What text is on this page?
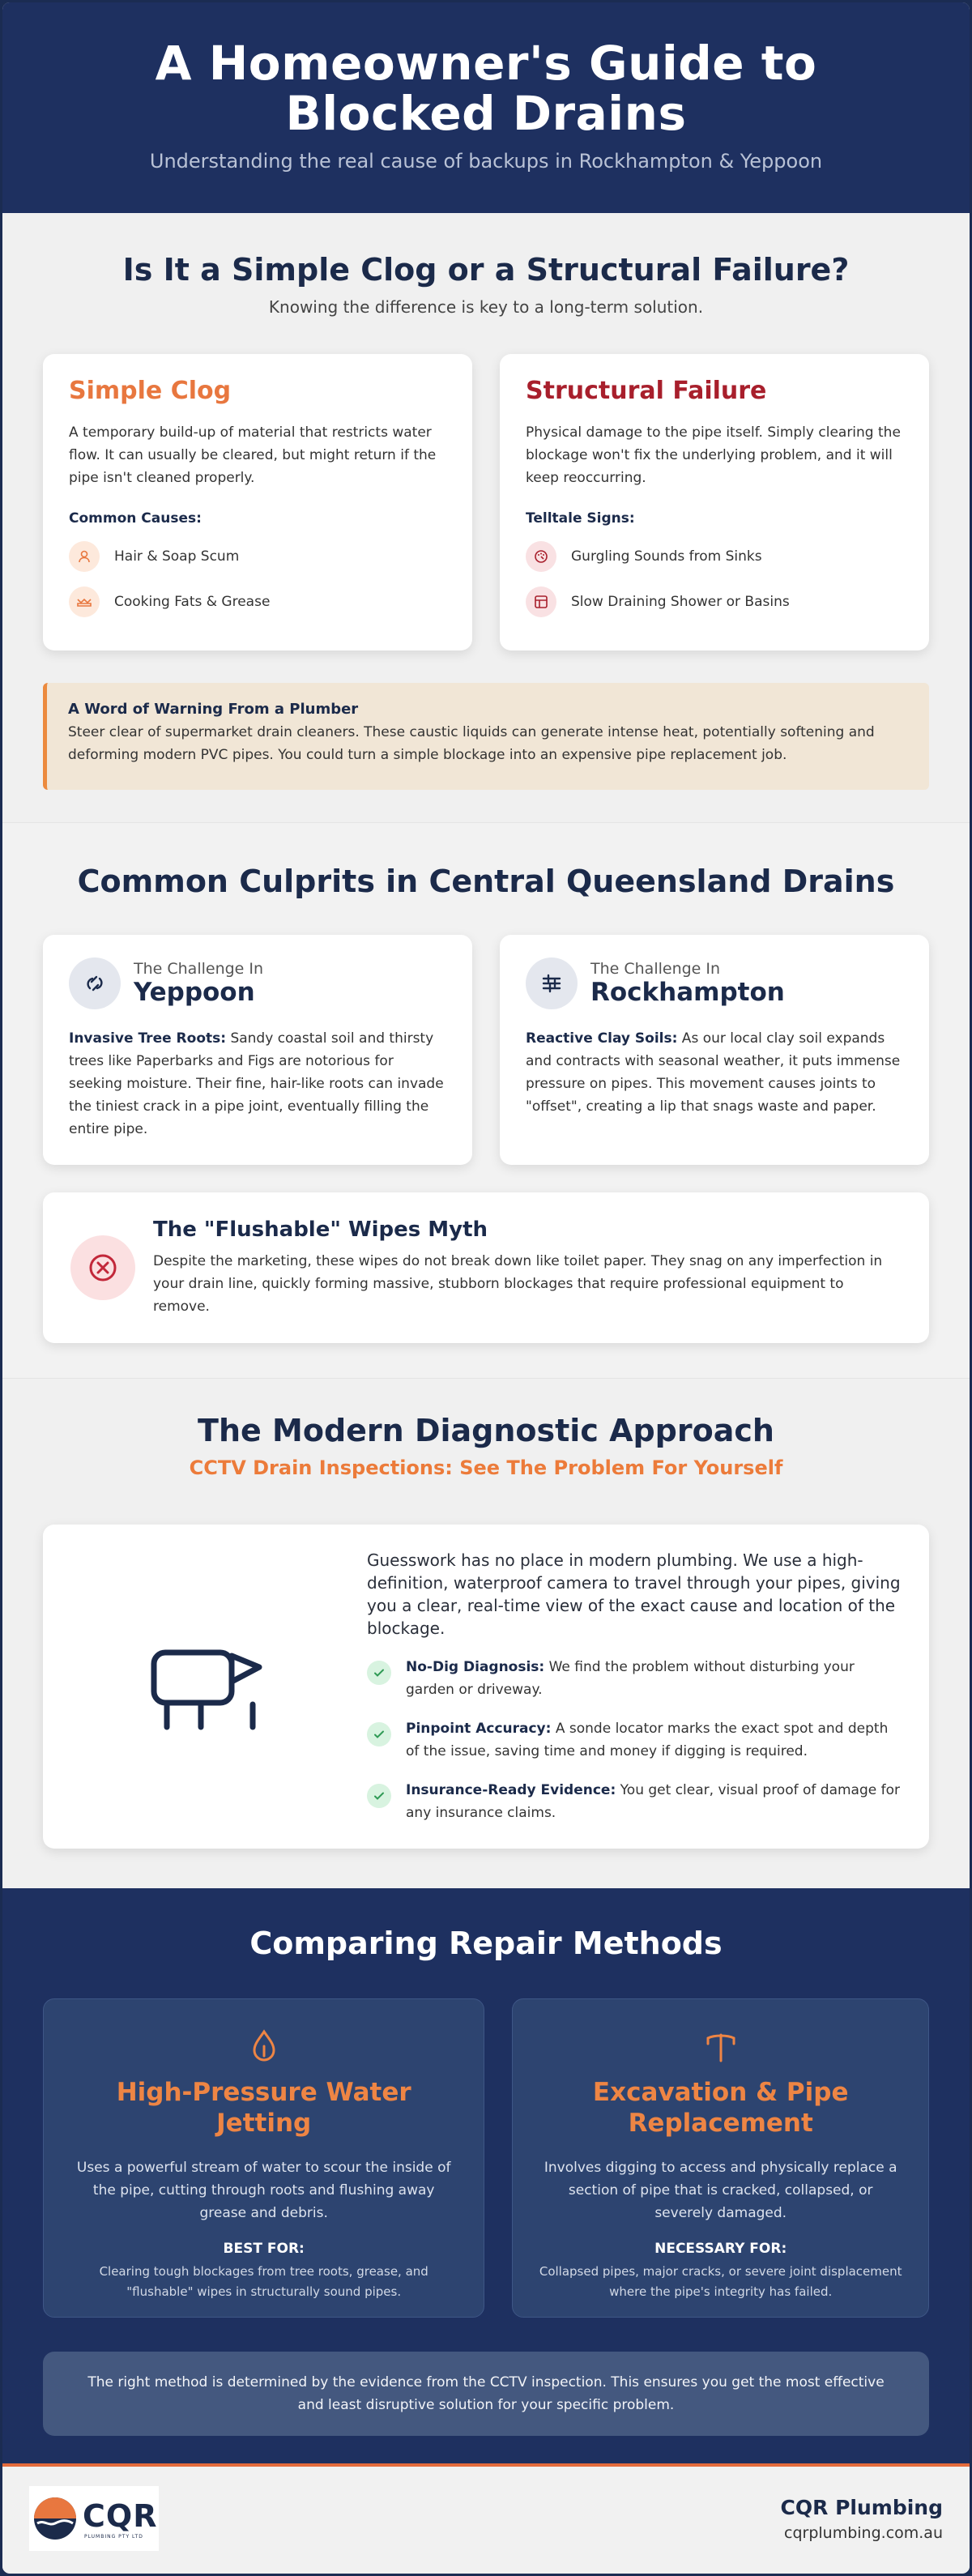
A Homeowner's Guide to
Blocked Drains

Understanding the real cause of backups in Rockhampton & Yeppoon

Is It a Simple Clog or a Structural Failure?

Knowing the difference is key to a long-term solution.

Simple Clog

A temporary build-up of material that restricts water flow. It can usually be cleared, but might return if the pipe isn't cleaned properly.

Common Causes:

Hair & Soap Scum
Cooking Fats & Grease
Structural Failure

Physical damage to the pipe itself. Simply clearing the blockage won't fix the underlying problem, and it will keep reoccurring.

Telltale Signs:

Gurgling Sounds from Sinks
Slow Draining Shower or Basins

A Word of Warning From a Plumber

Steer clear of supermarket drain cleaners. These caustic liquids can generate intense heat, potentially softening and deforming modern PVC pipes. You could turn a simple blockage into an expensive pipe replacement job.

Common Culprits in Central Queensland Drains

The Challenge In

Yeppoon

Invasive Tree Roots: Sandy coastal soil and thirsty trees like Paperbarks and Figs are notorious for seeking moisture. Their fine, hair-like roots can invade the tiniest crack in a pipe joint, eventually filling the entire pipe.

The Challenge In

Rockhampton

Reactive Clay Soils: As our local clay soil expands and contracts with seasonal weather, it puts immense pressure on pipes. This movement causes joints to "offset", creating a lip that snags waste and paper.

The "Flushable" Wipes Myth

Despite the marketing, these wipes do not break down like toilet paper. They snag on any imperfection in your drain line, quickly forming massive, stubborn blockages that require professional equipment to remove.

The Modern Diagnostic Approach

CCTV Drain Inspections: See The Problem For Yourself

Guesswork has no place in modern plumbing. We use a high-definition, waterproof camera to travel through your pipes, giving you a clear, real-time view of the exact cause and location of the blockage.

No-Dig Diagnosis: We find the problem without disturbing your garden or driveway.

Pinpoint Accuracy: A sonde locator marks the exact spot and depth of the issue, saving time and money if digging is required.

Insurance-Ready Evidence: You get clear, visual proof of damage for any insurance claims.

Comparing Repair Methods
High-Pressure Water
Jetting

Uses a powerful stream of water to scour the inside of the pipe, cutting through roots and flushing away grease and debris.

BEST FOR:

Clearing tough blockages from tree roots, grease, and "flushable" wipes in structurally sound pipes.

Excavation & Pipe
Replacement

Involves digging to access and physically replace a section of pipe that is cracked, collapsed, or severely damaged.

NECESSARY FOR:

Collapsed pipes, major cracks, or severe joint displacement where the pipe's integrity has failed.

The right method is determined by the evidence from the CCTV inspection. This ensures you get the most effective and least disruptive solution for your specific problem.
CQR
PLUMBING PTY LTD

CQR Plumbing

cqrplumbing.com.au
